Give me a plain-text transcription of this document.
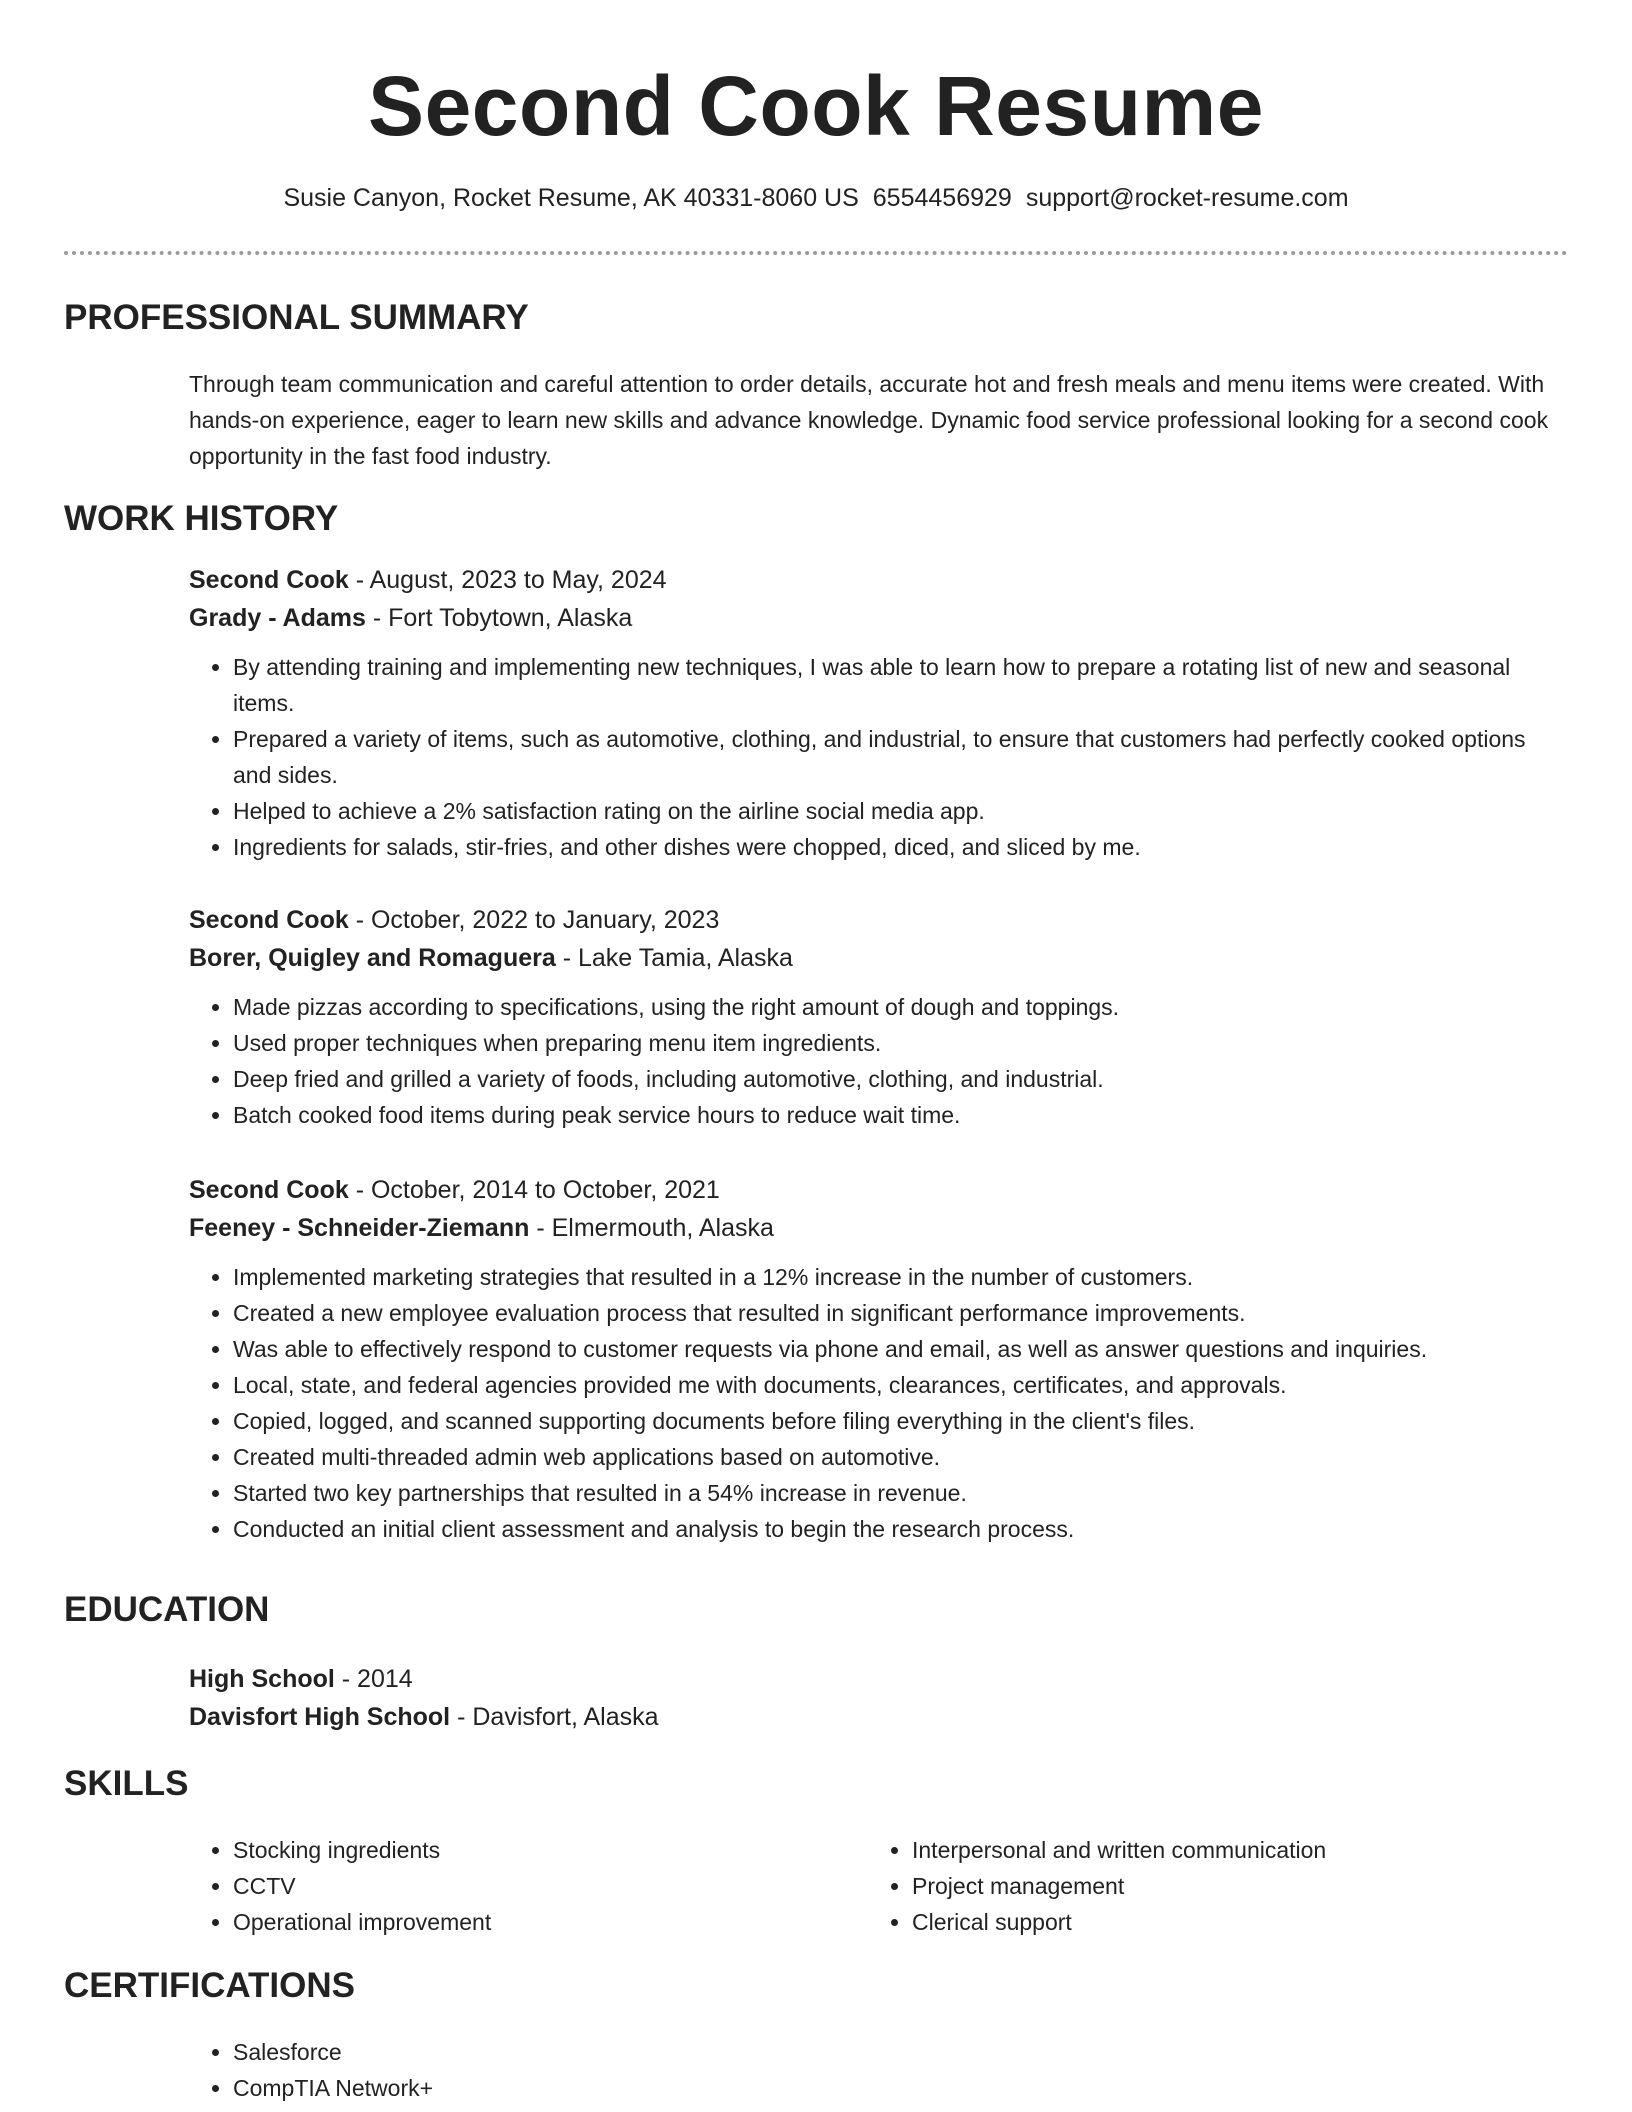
Second Cook Resume
Susie Canyon, Rocket Resume, AK 40331-8060 US 6554456929 support@rocket-resume.com
PROFESSIONAL SUMMARY

Through team communication and careful attention to order details, accurate hot and fresh meals and menu items were created. With hands-on experience, eager to learn new skills and advance knowledge. Dynamic food service professional looking for a second cook opportunity in the fast food industry.

WORK HISTORY
Second Cook - August, 2023 to May, 2024
Grady - Adams - Fort Tobytown, Alaska
• By attending training and implementing new techniques, I was able to learn how to prepare a rotating list of new and seasonal items.
• Prepared a variety of items, such as automotive, clothing, and industrial, to ensure that customers had perfectly cooked options and sides.
• Helped to achieve a 2% satisfaction rating on the airline social media app.
• Ingredients for salads, stir-fries, and other dishes were chopped, diced, and sliced by me.
Second Cook - October, 2022 to January, 2023
Borer, Quigley and Romaguera - Lake Tamia, Alaska
• Made pizzas according to specifications, using the right amount of dough and toppings.
• Used proper techniques when preparing menu item ingredients.
• Deep fried and grilled a variety of foods, including automotive, clothing, and industrial.
• Batch cooked food items during peak service hours to reduce wait time.
Second Cook - October, 2014 to October, 2021
Feeney - Schneider-Ziemann - Elmermouth, Alaska
• Implemented marketing strategies that resulted in a 12% increase in the number of customers.
• Created a new employee evaluation process that resulted in significant performance improvements.
• Was able to effectively respond to customer requests via phone and email, as well as answer questions and inquiries.
• Local, state, and federal agencies provided me with documents, clearances, certificates, and approvals.
• Copied, logged, and scanned supporting documents before filing everything in the client's files.
• Created multi-threaded admin web applications based on automotive.
• Started two key partnerships that resulted in a 54% increase in revenue.
• Conducted an initial client assessment and analysis to begin the research process.
EDUCATION
High School - 2014
Davisfort High School - Davisfort, Alaska
SKILLS
• Stocking ingredients
• CCTV
• Operational improvement
• Interpersonal and written communication
• Project management
• Clerical support
CERTIFICATIONS
• Salesforce
• CompTIA Network+
